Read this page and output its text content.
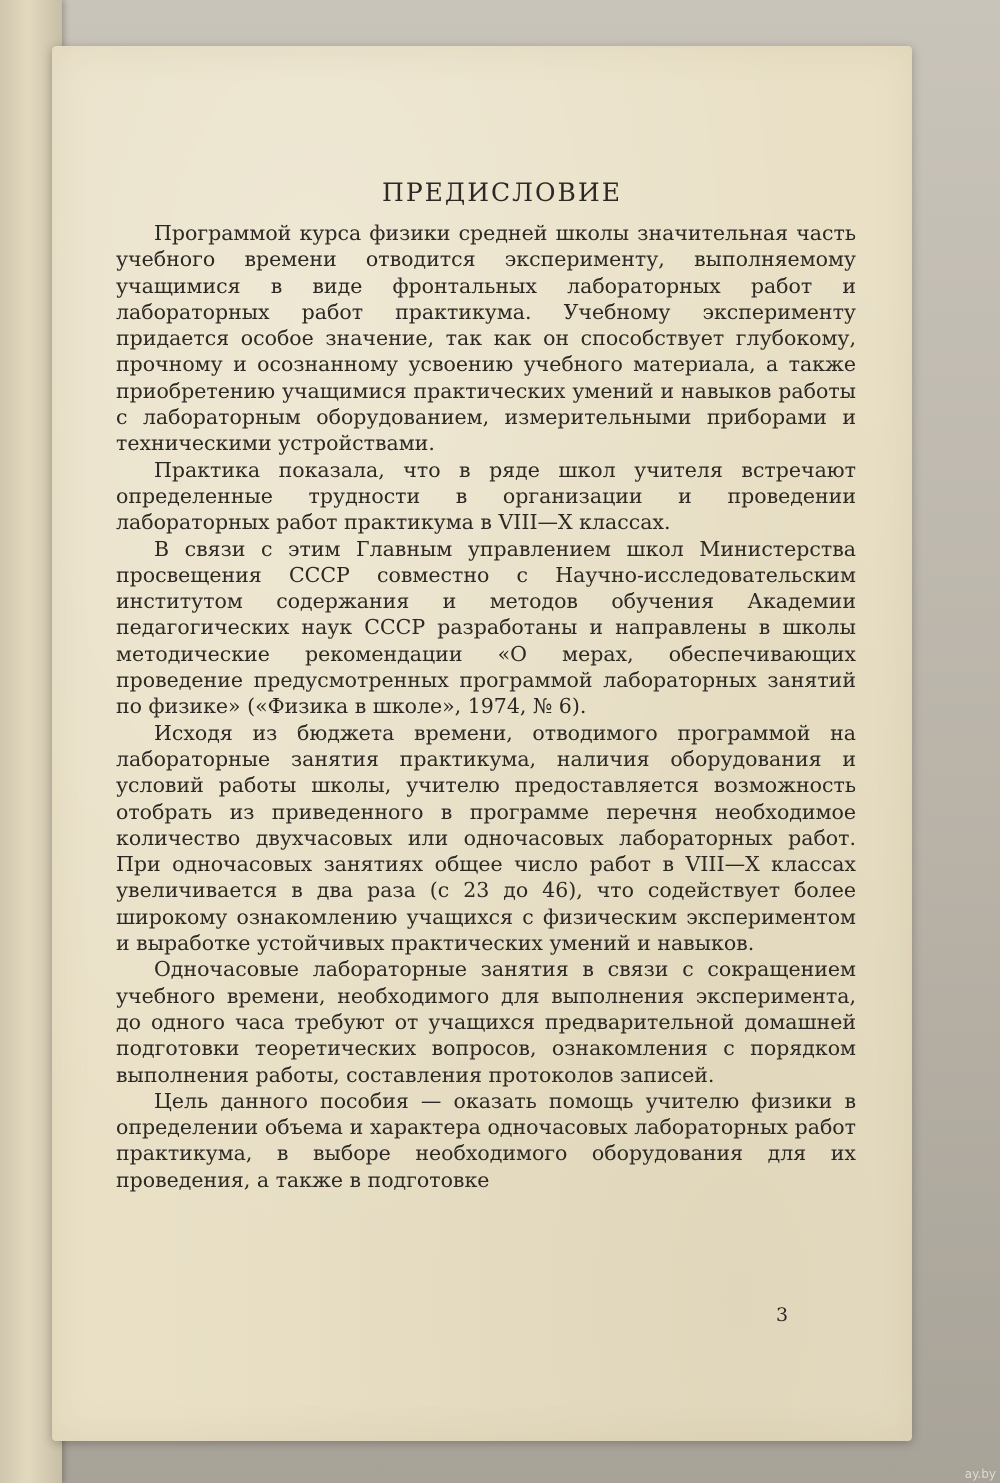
ПРЕДИСЛОВИЕ

Программой курса физики средней школы значительная часть учебного времени отводится эксперименту, выполняемому учащимися в виде фронтальных лабораторных работ и лабораторных работ практикума. Учебному эксперименту придается особое значение, так как он способствует глубокому, прочному и осознанному усвоению учебного материала, а также приобретению учащимися практических умений и навыков работы с лабораторным оборудованием, измерительными приборами и техническими устройствами.

Практика показала, что в ряде школ учителя встречают определенные трудности в организации и проведении лабораторных работ практикума в VIII—X классах.

В связи с этим Главным управлением школ Министерства просвещения СССР совместно с Научно-исследовательским институтом содержания и методов обучения Академии педагогических наук СССР разработаны и направлены в школы методические рекомендации «О мерах, обеспечивающих проведение предусмотренных программой лабораторных занятий по физике» («Физика в школе», 1974, № 6).

Исходя из бюджета времени, отводимого программой на лабораторные занятия практикума, наличия оборудования и условий работы школы, учителю предоставляется возможность отобрать из приведенного в программе перечня необходимое количество двухчасовых или одночасовых лабораторных работ. При одночасовых занятиях общее число работ в VIII—X классах увеличивается в два раза (с 23 до 46), что содействует более широкому ознакомлению учащихся с физическим экспериментом и выработке устойчивых практических умений и навыков.

Одночасовые лабораторные занятия в связи с сокращением учебного времени, необходимого для выполнения эксперимента, до одного часа требуют от учащихся предварительной домашней подготовки теоретических вопросов, ознакомления с порядком выполнения работы, составления протоколов записей.

Цель данного пособия — оказать помощь учителю физики в определении объема и характера одночасовых лабораторных работ практикума, в выборе необходимого оборудования для их проведения, а также в подготовке

3
ay.by
